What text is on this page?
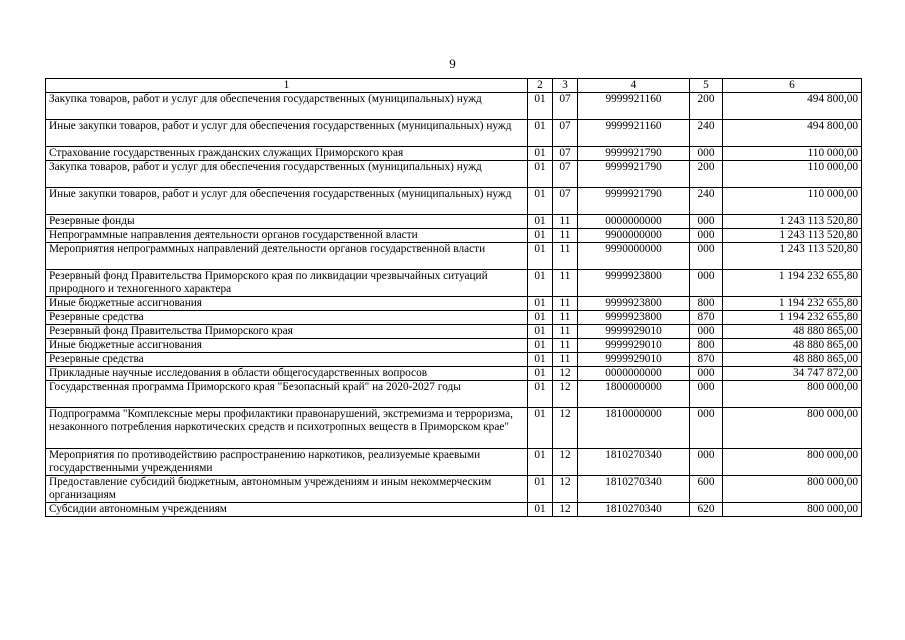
9
1	2	3	4	5	6
Закупка товаров, работ и услуг для обеспечения государственных (муниципальных) нужд	01	07	9999921160	200	494 800,00
Иные закупки товаров, работ и услуг для обеспечения государственных (муниципальных) нужд	01	07	9999921160	240	494 800,00
Страхование государственных гражданских служащих Приморского края	01	07	9999921790	000	110 000,00
Закупка товаров, работ и услуг для обеспечения государственных (муниципальных) нужд	01	07	9999921790	200	110 000,00
Иные закупки товаров, работ и услуг для обеспечения государственных (муниципальных) нужд	01	07	9999921790	240	110 000,00
Резервные фонды	01	11	0000000000	000	1 243 113 520,80
Непрограммные направления деятельности органов государственной власти	01	11	9900000000	000	1 243 113 520,80
Мероприятия непрограммных направлений деятельности органов государственной власти	01	11	9990000000	000	1 243 113 520,80
Резервный фонд Правительства Приморского края по ликвидации чрезвычайных ситуаций природного и техногенного характера	01	11	9999923800	000	1 194 232 655,80
Иные бюджетные ассигнования	01	11	9999923800	800	1 194 232 655,80
Резервные средства	01	11	9999923800	870	1 194 232 655,80
Резервный фонд Правительства Приморского края	01	11	9999929010	000	48 880 865,00
Иные бюджетные ассигнования	01	11	9999929010	800	48 880 865,00
Резервные средства	01	11	9999929010	870	48 880 865,00
Прикладные научные исследования в области общегосударственных вопросов	01	12	0000000000	000	34 747 872,00
Государственная программа Приморского края "Безопасный край" на 2020-2027 годы	01	12	1800000000	000	800 000,00
Подпрограмма "Комплексные меры профилактики правонарушений, экстремизма и терроризма, незаконного потребления наркотических средств и психотропных веществ в Приморском крае"	01	12	1810000000	000	800 000,00
Мероприятия по противодействию распространению наркотиков, реализуемые краевыми государственными учреждениями	01	12	1810270340	000	800 000,00
Предоставление субсидий бюджетным, автономным учреждениям и иным некоммерческим организациям	01	12	1810270340	600	800 000,00
Субсидии автономным учреждениям	01	12	1810270340	620	800 000,00
